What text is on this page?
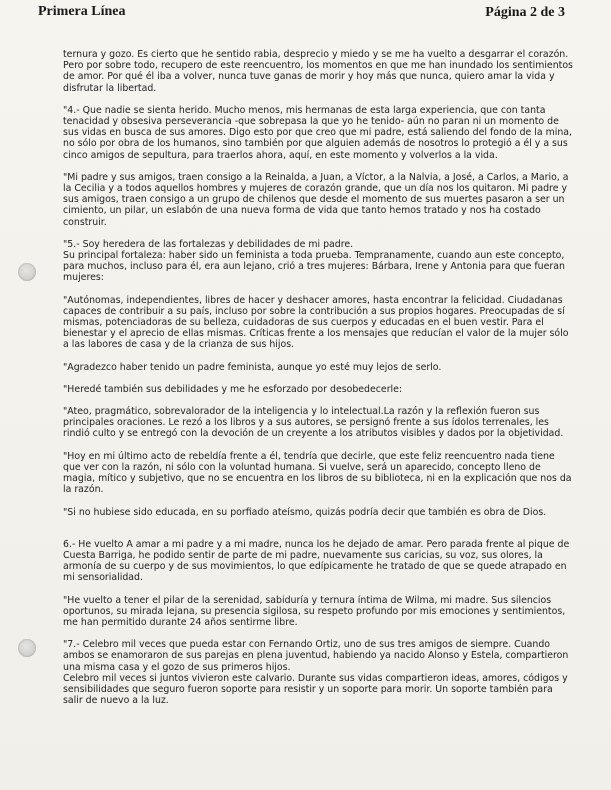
Primera Línea	Página 2 de 3

ternura y gozo. Es cierto que he sentido rabia, desprecio y miedo y se me ha vuelto a desgarrar el corazón. Pero por sobre todo, recupero de este reencuentro, los momentos en que me han inundado los sentimientos de amor. Por qué él iba a volver, nunca tuve ganas de morir y hoy más que nunca, quiero amar la vida y disfrutar la libertad.

"4.- Que nadie se sienta herido. Mucho menos, mis hermanas de esta larga experiencia, que con tanta tenacidad y obsesiva perseverancia -que sobrepasa la que yo he tenido- aún no paran ni un momento de sus vidas en busca de sus amores. Digo esto por que creo que mi padre, está saliendo del fondo de la mina, no sólo por obra de los humanos, sino también por que alguien además de nosotros lo protegió a él y a sus cinco amigos de sepultura, para traerlos ahora, aquí, en este momento y volverlos a la vida.

"Mi padre y sus amigos, traen consigo a la Reinalda, a Juan, a Víctor, a la Nalvia, a José, a Carlos, a Mario, a la Cecilia y a todos aquellos hombres y mujeres de corazón grande, que un día nos los quitaron. Mi padre y sus amigos, traen consigo a un grupo de chilenos que desde el momento de sus muertes pasaron a ser un cimiento, un pilar, un eslabón de una nueva forma de vida que tanto hemos tratado y nos ha costado construir.

"5.- Soy heredera de las fortalezas y debilidades de mi padre.
Su principal fortaleza: haber sido un feminista a toda prueba. Tempranamente, cuando aun este concepto, para muchos, incluso para él, era aun lejano, crió a tres mujeres: Bárbara, Irene y Antonia para que fueran mujeres:

"Autónomas, independientes, libres de hacer y deshacer amores, hasta encontrar la felicidad. Ciudadanas capaces de contribuir a su país, incluso por sobre la contribución a sus propios hogares. Preocupadas de sí mismas, potenciadoras de su belleza, cuidadoras de sus cuerpos y educadas en el buen vestir. Para el bienestar y el aprecio de ellas mismas. Críticas frente a los mensajes que reducían el valor de la mujer sólo a las labores de casa y de la crianza de sus hijos.

"Agradezco haber tenido un padre feminista, aunque yo esté muy lejos de serlo.

"Heredé también sus debilidades y me he esforzado por desobedecerle:

"Ateo, pragmático, sobrevalorador de la inteligencia y lo intelectual.La razón y la reflexión fueron sus principales oraciones. Le rezó a los libros y a sus autores, se persignó frente a sus ídolos terrenales, les rindió culto y se entregó con la devoción de un creyente a los atributos visibles y dados por la objetividad.

"Hoy en mi último acto de rebeldía frente a él, tendría que decirle, que este feliz reencuentro nada tiene que ver con la razón, ni sólo con la voluntad humana. Si vuelve, será un aparecido, concepto lleno de magia, mítico y subjetivo, que no se encuentra en los libros de su biblioteca, ni en la explicación que nos da la razón.

"Si no hubiese sido educada, en su porfiado ateísmo, quizás podría decir que también es obra de Dios.

6.- He vuelto A amar a mi padre y a mi madre, nunca los he dejado de amar. Pero parada frente al pique de Cuesta Barriga, he podido sentir de parte de mi padre, nuevamente sus caricias, su voz, sus olores, la armonía de su cuerpo y de sus movimientos, lo que edípicamente he tratado de que se quede atrapado en mi sensorialidad.

"He vuelto a tener el pilar de la serenidad, sabiduría y ternura íntima de Wilma, mi madre. Sus silencios oportunos, su mirada lejana, su presencia sigilosa, su respeto profundo por mis emociones y sentimientos, me han permitido durante 24 años sentirme libre.

"7.- Celebro mil veces que pueda estar con Fernando Ortiz, uno de sus tres amigos de siempre. Cuando ambos se enamoraron de sus parejas en plena juventud, habiendo ya nacido Alonso y Estela, compartieron una misma casa y el gozo de sus primeros hijos.
Celebro mil veces si juntos vivieron este calvario. Durante sus vidas compartieron ideas, amores, códigos y sensibilidades que seguro fueron soporte para resistir y un soporte para morir. Un soporte también para salir de nuevo a la luz.
